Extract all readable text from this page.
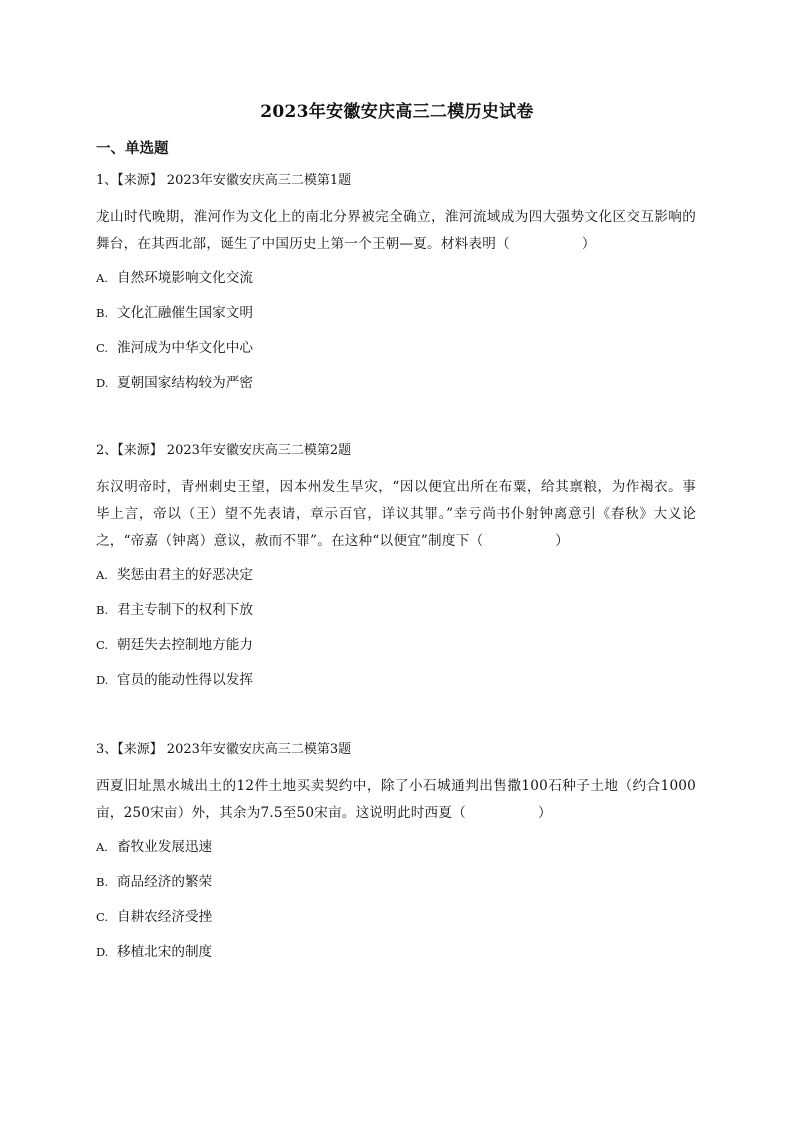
2023年安徽安庆高三二模历史试卷
一、单选题
1、【来源】 2023年安徽安庆高三二模第1题
龙山时代晚期，淮河作为文化上的南北分界被完全确立，淮河流域成为四大强势文化区交互影响的舞台，在其西北部，诞生了中国历史上第一个王朝—夏。材料表明（	）
A. 自然环境影响文化交流
B. 文化汇融催生国家文明
C. 淮河成为中华文化中心
D. 夏朝国家结构较为严密
2、【来源】 2023年安徽安庆高三二模第2题
东汉明帝时，青州刺史王望，因本州发生旱灾，“因以便宜出所在布粟，给其禀粮，为作褐衣。事毕上言，帝以（王）望不先表请，章示百官，详议其罪。”幸亏尚书仆射钟离意引《春秋》大义论之，“帝嘉（钟离）意议，赦而不罪”。在这种“以便宜”制度下（	）
A. 奖惩由君主的好恶决定
B. 君主专制下的权利下放
C. 朝廷失去控制地方能力
D. 官员的能动性得以发挥
3、【来源】 2023年安徽安庆高三二模第3题
西夏旧址黑水城出土的12件土地买卖契约中，除了小石城通判出售撒100石种子土地（约合1000亩，250宋亩）外，其余为7.5至50宋亩。这说明此时西夏（	）
A. 畜牧业发展迅速
B. 商品经济的繁荣
C. 自耕农经济受挫
D. 移植北宋的制度
